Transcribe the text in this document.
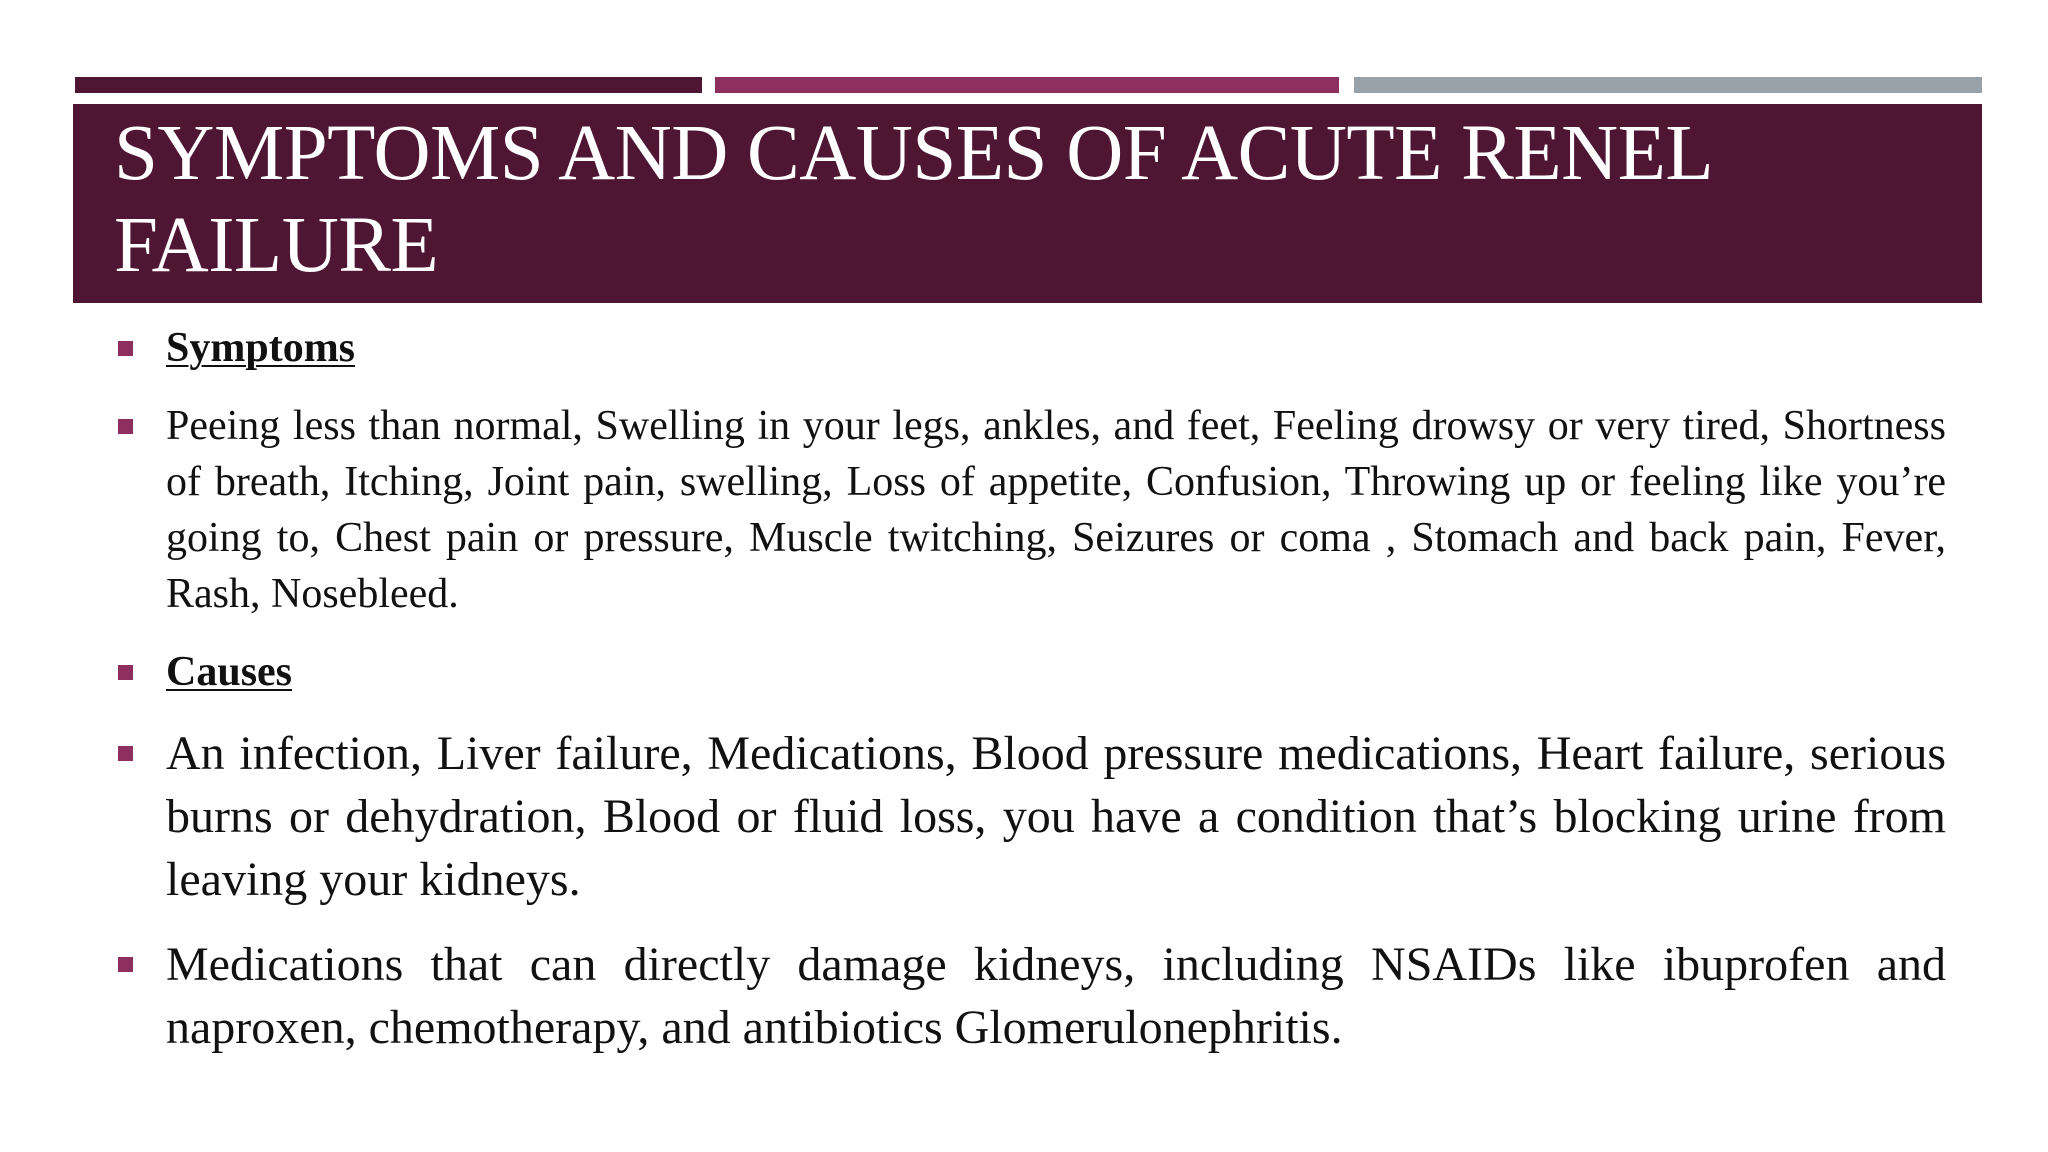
SYMPTOMS AND CAUSES OF ACUTE RENEL
FAILURE
Symptoms
Peeing less than normal, Swelling in your legs, ankles, and feet, Feeling drowsy or very tired, Shortness of breath, Itching, Joint pain, swelling, Loss of appetite, Confusion, Throwing up or feeling like you’re going to, Chest pain or pressure, Muscle twitching, Seizures or coma , Stomach and back pain, Fever, Rash, Nosebleed.
Causes
An infection, Liver failure, Medications, Blood pressure medications, Heart failure, serious burns or dehydration, Blood or fluid loss, you have a condition that’s blocking urine from leaving your kidneys.
Medications that can directly damage kidneys, including NSAIDs like ibuprofen and naproxen, chemotherapy, and antibiotics Glomerulonephritis.
